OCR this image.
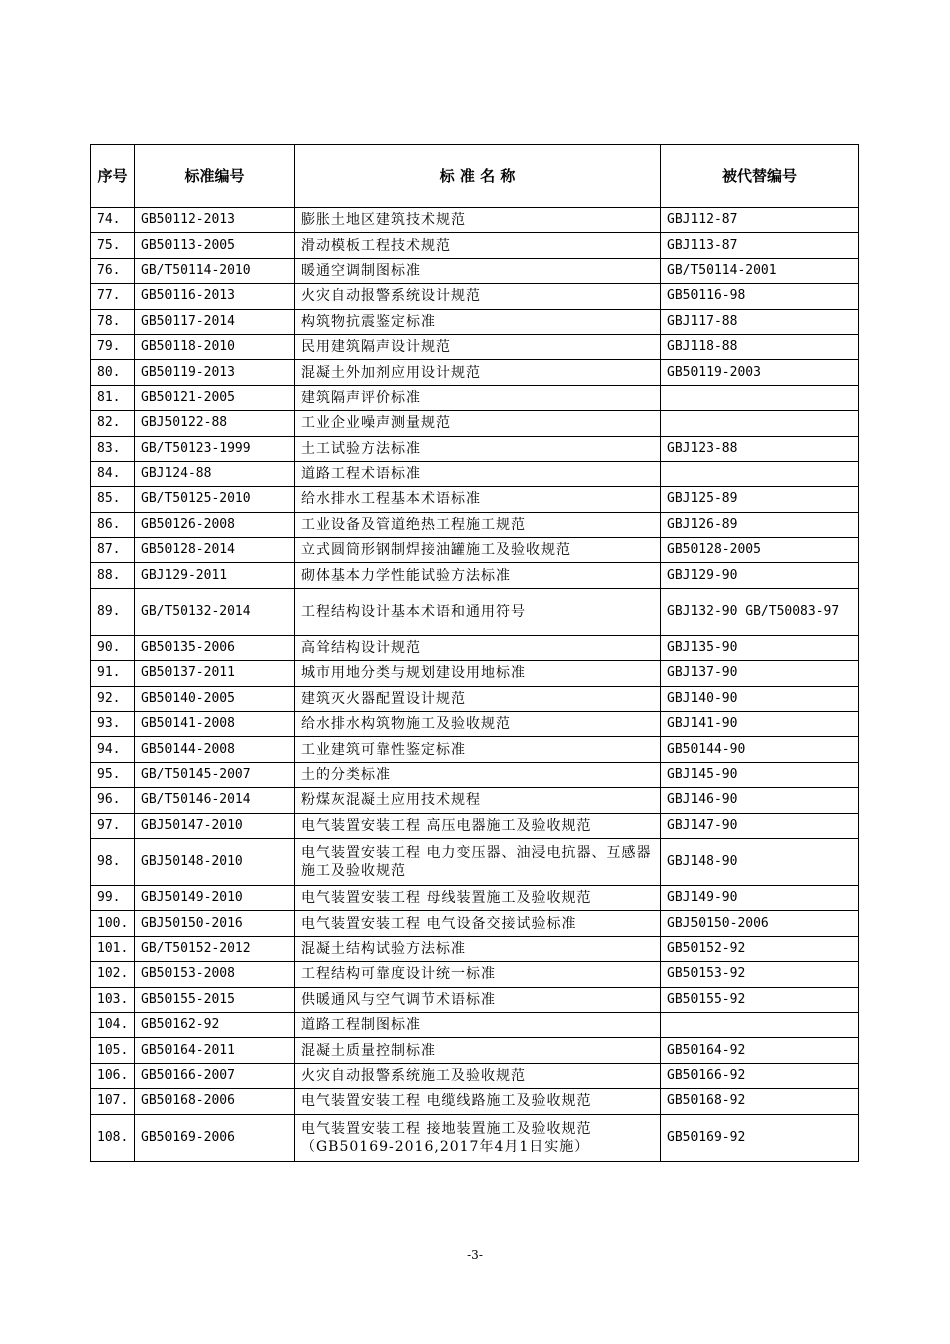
序号	标准编号	标 准 名 称	被代替编号
74.	GB50112-2013	膨胀土地区建筑技术规范	GBJ112-87
75.	GB50113-2005	滑动模板工程技术规范	GBJ113-87
76.	GB/T50114-2010	暖通空调制图标准	GB/T50114-2001
77.	GB50116-2013	火灾自动报警系统设计规范	GB50116-98
78.	GB50117-2014	构筑物抗震鉴定标准	GBJ117-88
79.	GB50118-2010	民用建筑隔声设计规范	GBJ118-88
80.	GB50119-2013	混凝土外加剂应用设计规范	GB50119-2003
81.	GB50121-2005	建筑隔声评价标准	
82.	GBJ50122-88	工业企业噪声测量规范	
83.	GB/T50123-1999	土工试验方法标准	GBJ123-88
84.	GBJ124-88	道路工程术语标准	
85.	GB/T50125-2010	给水排水工程基本术语标准	GBJ125-89
86.	GB50126-2008	工业设备及管道绝热工程施工规范	GBJ126-89
87.	GB50128-2014	立式圆筒形钢制焊接油罐施工及验收规范	GB50128-2005
88.	GBJ129-2011	砌体基本力学性能试验方法标准	GBJ129-90
89.	GB/T50132-2014	工程结构设计基本术语和通用符号	GBJ132-90 GB/T50083-97
90.	GB50135-2006	高耸结构设计规范	GBJ135-90
91.	GB50137-2011	城市用地分类与规划建设用地标准	GBJ137-90
92.	GB50140-2005	建筑灭火器配置设计规范	GBJ140-90
93.	GB50141-2008	给水排水构筑物施工及验收规范	GBJ141-90
94.	GB50144-2008	工业建筑可靠性鉴定标准	GB50144-90
95.	GB/T50145-2007	土的分类标准	GBJ145-90
96.	GB/T50146-2014	粉煤灰混凝土应用技术规程	GBJ146-90
97.	GBJ50147-2010	电气装置安装工程 高压电器施工及验收规范	GBJ147-90
98.	GBJ50148-2010	电气装置安装工程 电力变压器、油浸电抗器、互感器施工及验收规范	GBJ148-90
99.	GBJ50149-2010	电气装置安装工程 母线装置施工及验收规范	GBJ149-90
100.	GBJ50150-2016	电气装置安装工程 电气设备交接试验标准	GBJ50150-2006
101.	GB/T50152-2012	混凝土结构试验方法标准	GB50152-92
102.	GB50153-2008	工程结构可靠度设计统一标准	GB50153-92
103.	GB50155-2015	供暖通风与空气调节术语标准	GB50155-92
104.	GB50162-92	道路工程制图标准	
105.	GB50164-2011	混凝土质量控制标准	GB50164-92
106.	GB50166-2007	火灾自动报警系统施工及验收规范	GB50166-92
107.	GB50168-2006	电气装置安装工程 电缆线路施工及验收规范	GB50168-92
108.	GB50169-2006	电气装置安装工程 接地装置施工及验收规范（GB50169-2016,2017年4月1日实施）	GB50169-92
-3-
